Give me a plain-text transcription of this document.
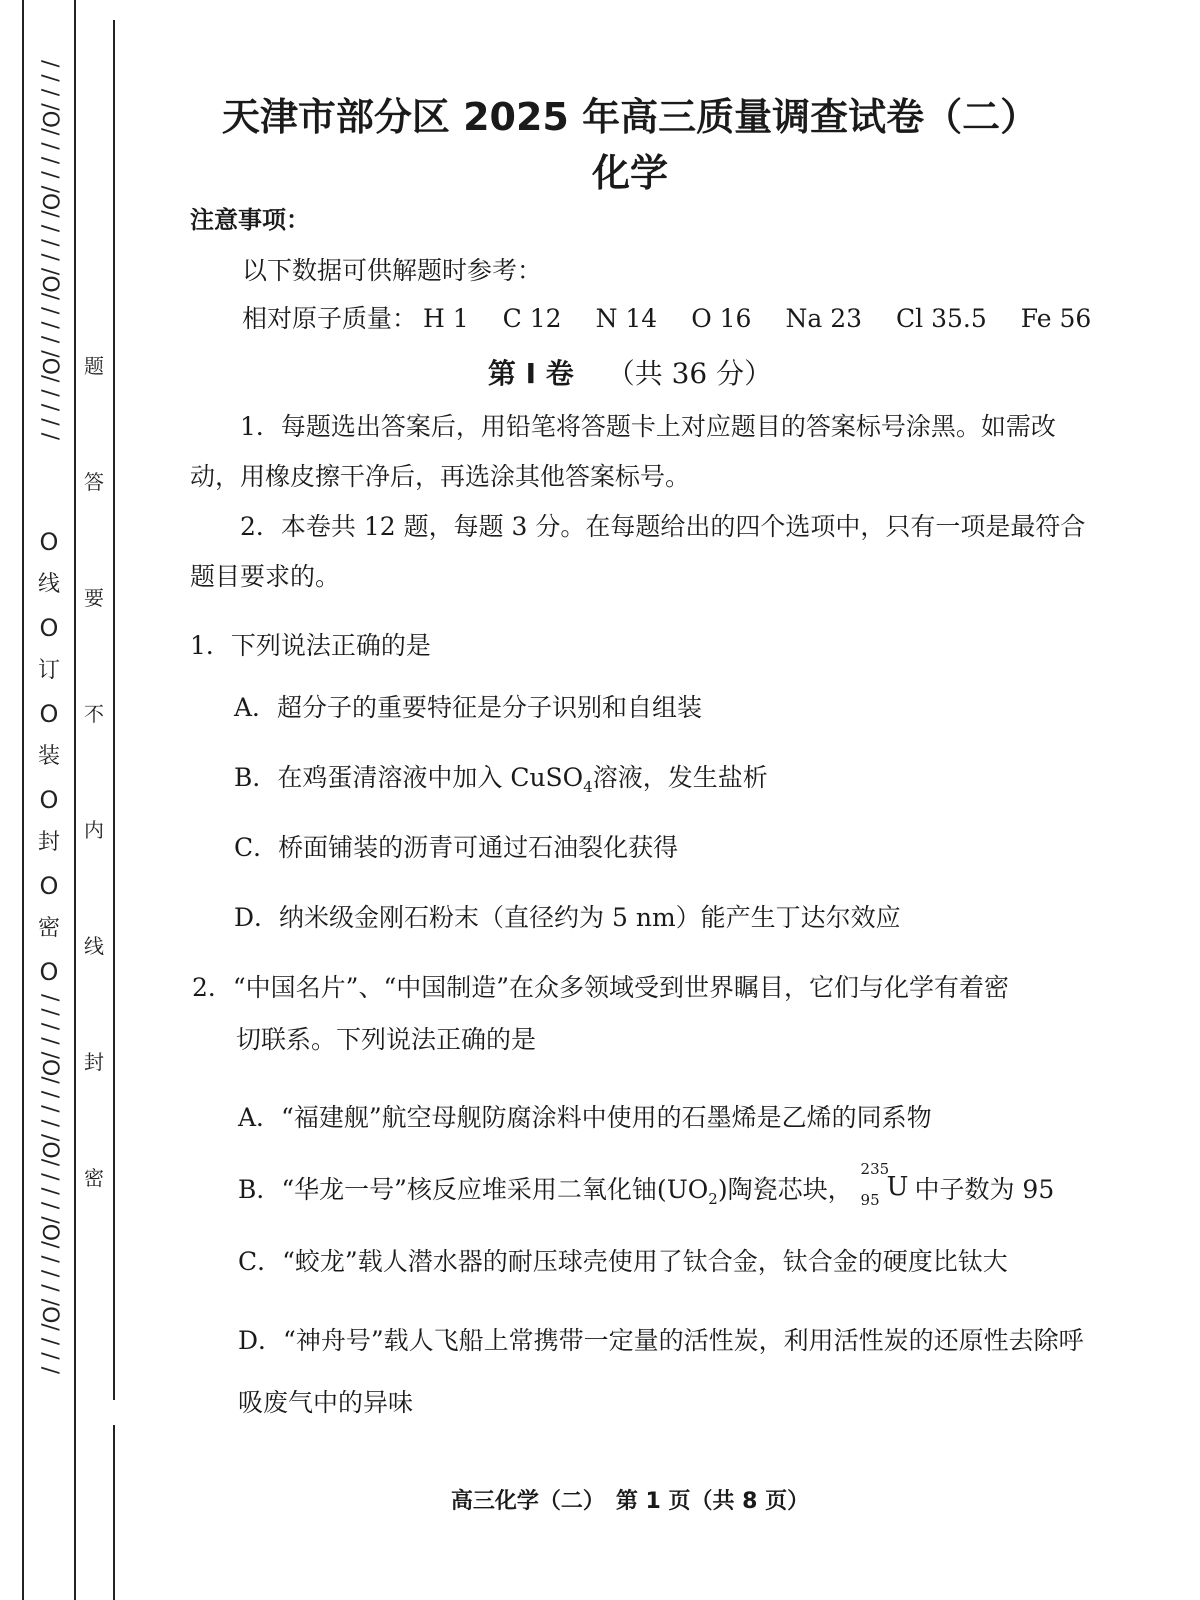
/ / / /O/ / / / /O/ / / / /O/ / / / /O/ / / / /
O
线
O
订
O
装
O
封
O
密
O
/ / / / /O/ / / / /O/ / / / /O/ / / / /O/ / / /
题
答
要
不
内
线
封
密
天津市部分区 2025 年高三质量调查试卷（二）
化学
注意事项：
以下数据可供解题时参考：
相对原子质量： H 1 C 12 N 14 O 16 Na 23 Cl 35.5 Fe 56
第 Ⅰ 卷 （共 36 分）
1．每题选出答案后，用铅笔将答题卡上对应题目的答案标号涂黑。如需改动，用橡皮擦干净后，再选涂其他答案标号。
2．本卷共 12 题，每题 3 分。在每题给出的四个选项中，只有一项是最符合题目要求的。
1．下列说法正确的是
A．超分子的重要特征是分子识别和自组装
B．在鸡蛋清溶液中加入 CuSO$_4$溶液，发生盐析
C．桥面铺装的沥青可通过石油裂化获得
D．纳米级金刚石粉末（直径约为 5 nm）能产生丁达尔效应
2．“中国名片”、“中国制造”在众多领域受到世界瞩目，它们与化学有着密
切联系。下列说法正确的是
A．“福建舰”航空母舰防腐涂料中使用的石墨烯是乙烯的同系物
B．“华龙一号”核反应堆采用二氧化铀$(UO_2)$陶瓷芯块，
235
95 U 中子数为 95
C．“蛟龙”载人潜水器的耐压球壳使用了钛合金，钛合金的硬度比钛大
D．“神舟号”载人飞船上常携带一定量的活性炭，利用活性炭的还原性去除呼吸废气中的异味
高三化学（二）　第 1 页（共 8 页）
